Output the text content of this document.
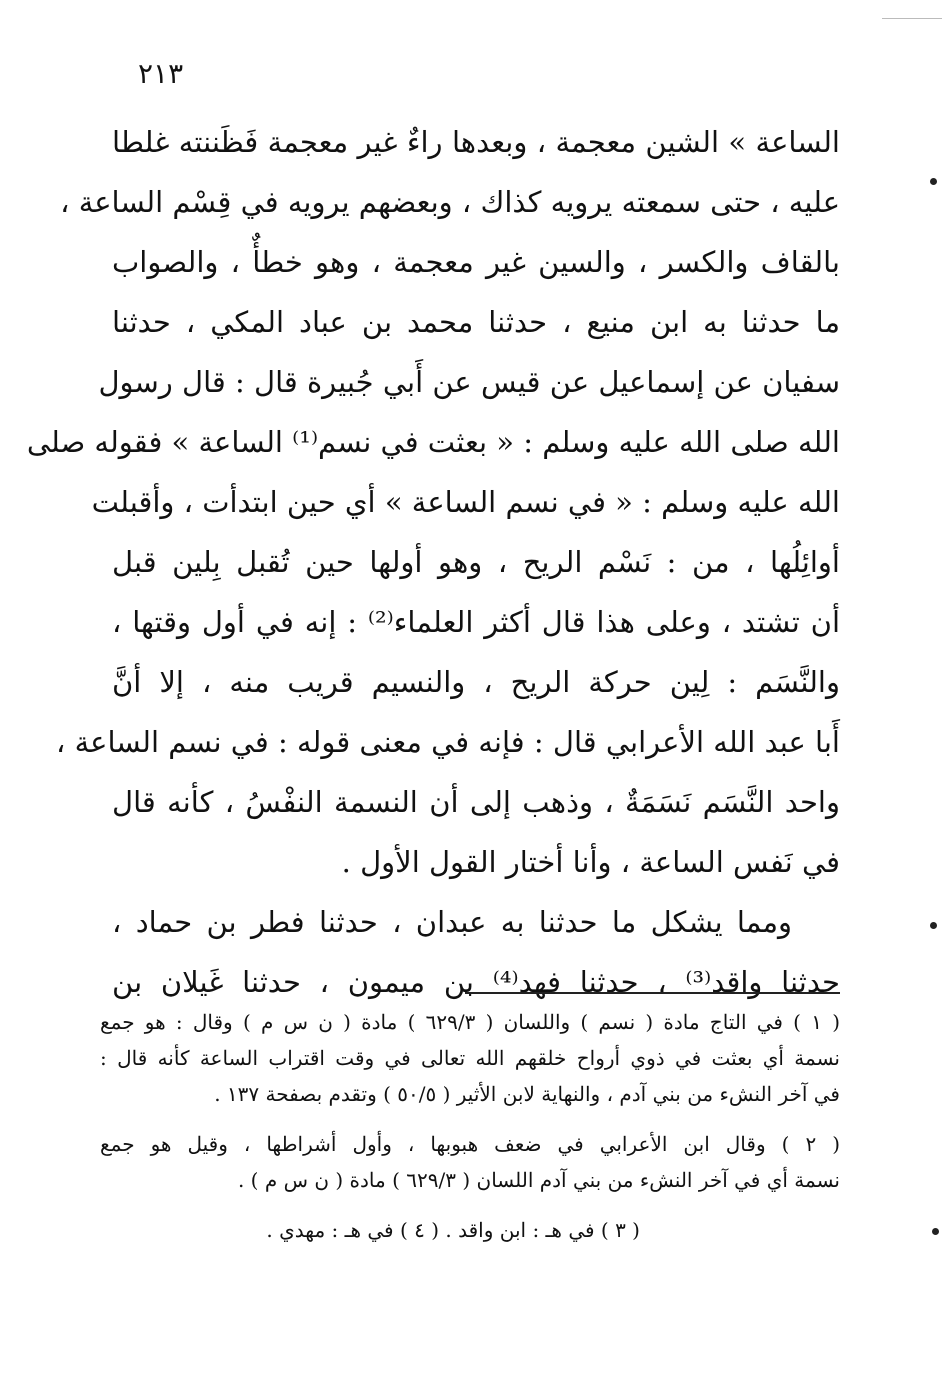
٢١٣
الساعة » الشين معجمة ، وبعدها راءٌ غير معجمة فَظَننته غلطا
عليه ، حتى سمعته يرويه كذاك ، وبعضهم يرويه في قِسْم الساعة ،
بالقاف والكسر ، والسين غير معجمة ، وهو خطأٌ ، والصواب
ما حدثنا به ابن منيع ، حدثنا محمد بن عباد المكي ، حدثنا
سفيان عن إسماعيل عن قيس عن أَبي جُبيرة قال : قال رسول
الله صلى الله عليه وسلم : « بعثت في نسم⁽¹⁾ الساعة » فقوله صلى
الله عليه وسلم : « في نسم الساعة » أي حين ابتدأت ، وأقبلت
أوائِلُها ، من : نَسْم الريح ، وهو أولها حين تُقبل بِلين قبل
أن تشتد ، وعلى هذا قال أكثر العلماء⁽²⁾ : إنه في أول وقتها ،
والنَّسَم : لِين حركة الريح ، والنسيم قريب منه ، إلا أنَّ
أَبا عبد الله الأعرابي قال : فإنه في معنى قوله : في نسم الساعة ،
واحد النَّسَم نَسَمَةٌ ، وذهب إلى أن النسمة النفْسُ ، كأنه قال
في نَفس الساعة ، وأنا أختار القول الأول .
ومما يشكل ما حدثنا به عبدان ، حدثنا فطر بن حماد ،
حدثنا واقد⁽³⁾ ، حدثنا فهد⁽⁴⁾ بن ميمون ، حدثنا غَيلان بن
( ١ ) في التاج مادة ( نسم ) واللسان ( ٦٢٩/٣ ) مادة ( ن س م ) وقال : هو جمع
نسمة أي بعثت في ذوي أرواح خلقهم الله تعالى في وقت اقتراب الساعة كأنه قال :
في آخر النشء من بني آدم ، والنهاية لابن الأثير ( ٥٠/٥ ) وتقدم بصفحة ١٣٧ .
( ٢ ) وقال ابن الأعرابي في ضعف هبوبها ، وأول أشراطها ، وقيل هو جمع
نسمة أي في آخر النشء من بني آدم اللسان ( ٦٢٩/٣ ) مادة ( ن س م ) .
( ٣ ) في هـ : ابن واقد . ( ٤ ) في هـ : مهدي .
